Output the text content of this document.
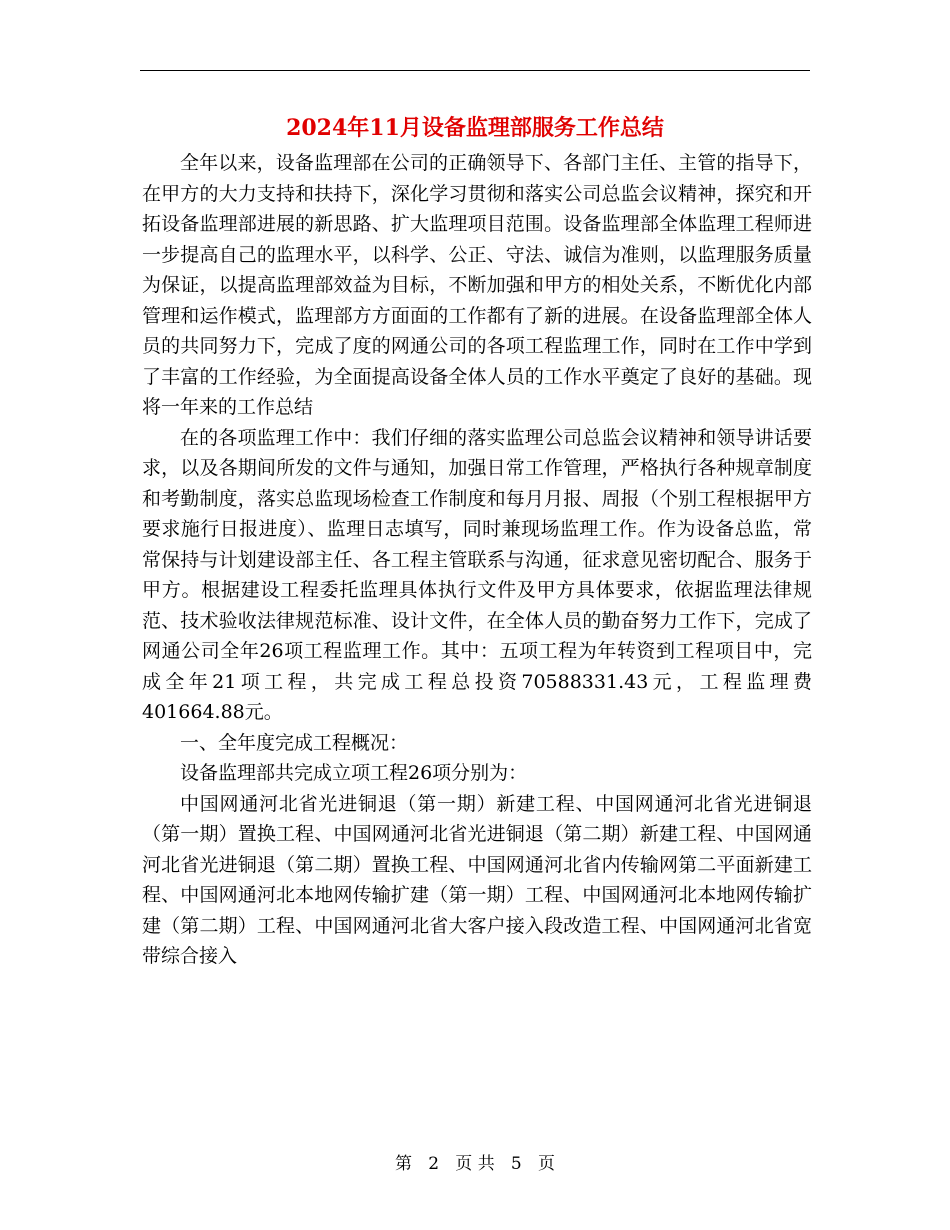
2024年11月设备监理部服务工作总结

全年以来，设备监理部在公司的正确领导下、各部门主任、主管的指导下，在甲方的大力支持和扶持下，深化学习贯彻和落实公司总监会议精神，探究和开拓设备监理部进展的新思路、扩大监理项目范围。设备监理部全体监理工程师进一步提高自己的监理水平，以科学、公正、守法、诚信为准则，以监理服务质量为保证，以提高监理部效益为目标，不断加强和甲方的相处关系，不断优化内部管理和运作模式，监理部方方面面的工作都有了新的进展。在设备监理部全体人员的共同努力下，完成了度的网通公司的各项工程监理工作，同时在工作中学到了丰富的工作经验，为全面提高设备全体人员的工作水平奠定了良好的基础。现将一年来的工作总结

在的各项监理工作中：我们仔细的落实监理公司总监会议精神和领导讲话要求，以及各期间所发的文件与通知，加强日常工作管理，严格执行各种规章制度和考勤制度，落实总监现场检查工作制度和每月月报、周报（个别工程根据甲方要求施行日报进度）、监理日志填写，同时兼现场监理工作。作为设备总监，常常保持与计划建设部主任、各工程主管联系与沟通，征求意见密切配合、服务于甲方。根据建设工程委托监理具体执行文件及甲方具体要求，依据监理法律规范、技术验收法律规范标准、设计文件，在全体人员的勤奋努力工作下，完成了网通公司全年26项工程监理工作。其中：五项工程为年转资到工程项目中，完成全年21项工程，共完成工程总投资70588331.43元，工程监理费401664.88元。

一、全年度完成工程概况：

设备监理部共完成立项工程26项分别为：

中国网通河北省光进铜退（第一期）新建工程、中国网通河北省光进铜退（第一期）置换工程、中国网通河北省光进铜退（第二期）新建工程、中国网通河北省光进铜退（第二期）置换工程、中国网通河北省内传输网第二平面新建工程、中国网通河北本地网传输扩建（第一期）工程、中国网通河北本地网传输扩建（第二期）工程、中国网通河北省大客户接入段改造工程、中国网通河北省宽带综合接入

第 2 页 共 5 页
